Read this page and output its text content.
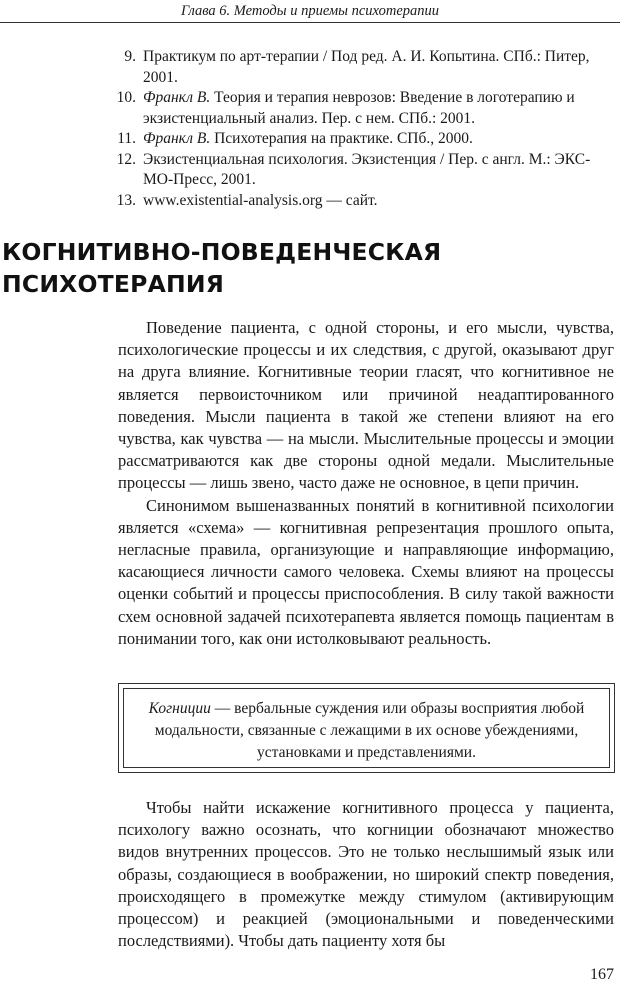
Глава 6. Методы и приемы психотерапии
9. Практикум по арт-терапии / Под ред. А. И. Копытина. СПб.: Питер, 2001.
10. Франкл В. Теория и терапия неврозов: Введение в логотерапию и экзистенциальный анализ. Пер. с нем. СПб.: 2001.
11. Франкл В. Психотерапия на практике. СПб., 2000.
12. Экзистенциальная психология. Экзистенция / Пер. с англ. М.: ЭКС-МО-Пресс, 2001.
13. www.existential-analysis.org — сайт.
КОГНИТИВНО-ПОВЕДЕНЧЕСКАЯ
ПСИХОТЕРАПИЯ

Поведение пациента, с одной стороны, и его мысли, чувства, психологические процессы и их следствия, с другой, оказывают друг на друга влияние. Когнитивные теории гласят, что когнитивное не является первоисточником или причиной неадаптированного поведения. Мысли пациента в такой же степени влияют на его чувства, как чувства — на мысли. Мыслительные процессы и эмоции рассматриваются как две стороны одной медали. Мыслительные процессы — лишь звено, часто даже не основное, в цепи причин.

Синонимом вышеназванных понятий в когнитивной психологии является «схема» — когнитивная репрезентация прошлого опыта, негласные правила, организующие и направляющие информацию, касающиеся личности самого человека. Схемы влияют на процессы оценки событий и процессы приспособления. В силу такой важности схем основной задачей психотерапевта является помощь пациентам в понимании того, как они истолковывают реальность.

Когниции — вербальные суждения или образы восприятия любой модальности, связанные с лежащими в их основе убеждениями, установками и представлениями.

Чтобы найти искажение когнитивного процесса у пациента, психологу важно осознать, что когниции обозначают множество видов внутренних процессов. Это не только неслышимый язык или образы, создающиеся в воображении, но широкий спектр поведения, происходящего в промежутке между стимулом (активирующим процессом) и реакцией (эмоциональными и поведенческими последствиями). Чтобы дать пациенту хотя бы

167
